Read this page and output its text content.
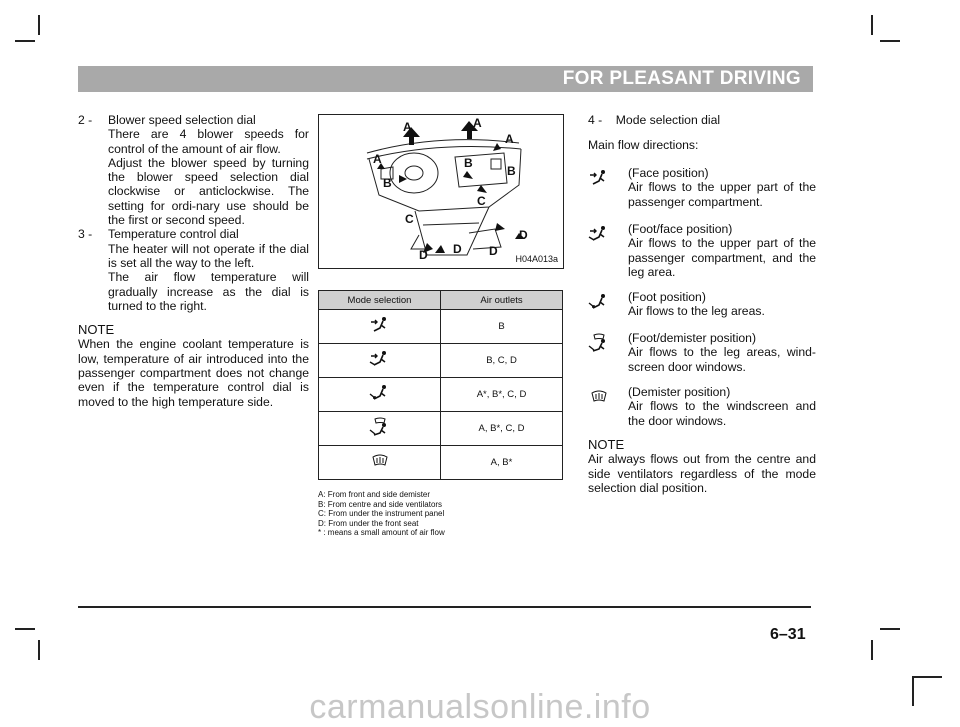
FOR PLEASANT DRIVING
2 -	Blower speed selection dial
There are 4 blower speeds for control of the amount of air flow.
Adjust the blower speed by turning the blower speed selection dial clockwise or anticlockwise. The setting for ordi-nary use should be the first or second speed.
3 -	Temperature control dial
The heater will not operate if the dial is set all the way to the left.
The air flow temperature will gradually increase as the dial is turned to the right.
NOTE
When the engine coolant temperature is low, temperature of air introduced into the passenger compartment does not change even if the temperature control dial is moved to the high temperature side.
A	A
A
A
B
B
B
C
C
D D D
D
H04A013a
Mode selection	Air outlets
	B
	B, C, D
	A*, B*, C, D
	A, B*, C, D
	A, B*
A: From front and side demister
B: From centre and side ventilators
C: From under the instrument panel
D: From under the front seat
* : means a small amount of air flow
4 -    Mode selection dial
Main flow directions:
(Face position)
Air flows to the upper part of the passenger compartment.
(Foot/face position)
Air flows to the upper part of the passenger compartment, and the leg area.
(Foot position)
Air flows to the leg areas.
(Foot/demister position)
Air flows to the leg areas, wind-screen door windows.
(Demister position)
Air flows to the windscreen and the door windows.
NOTE
Air always flows out from the centre and side ventilators regardless of the mode selection dial position.
6–31
carmanualsonline.info
